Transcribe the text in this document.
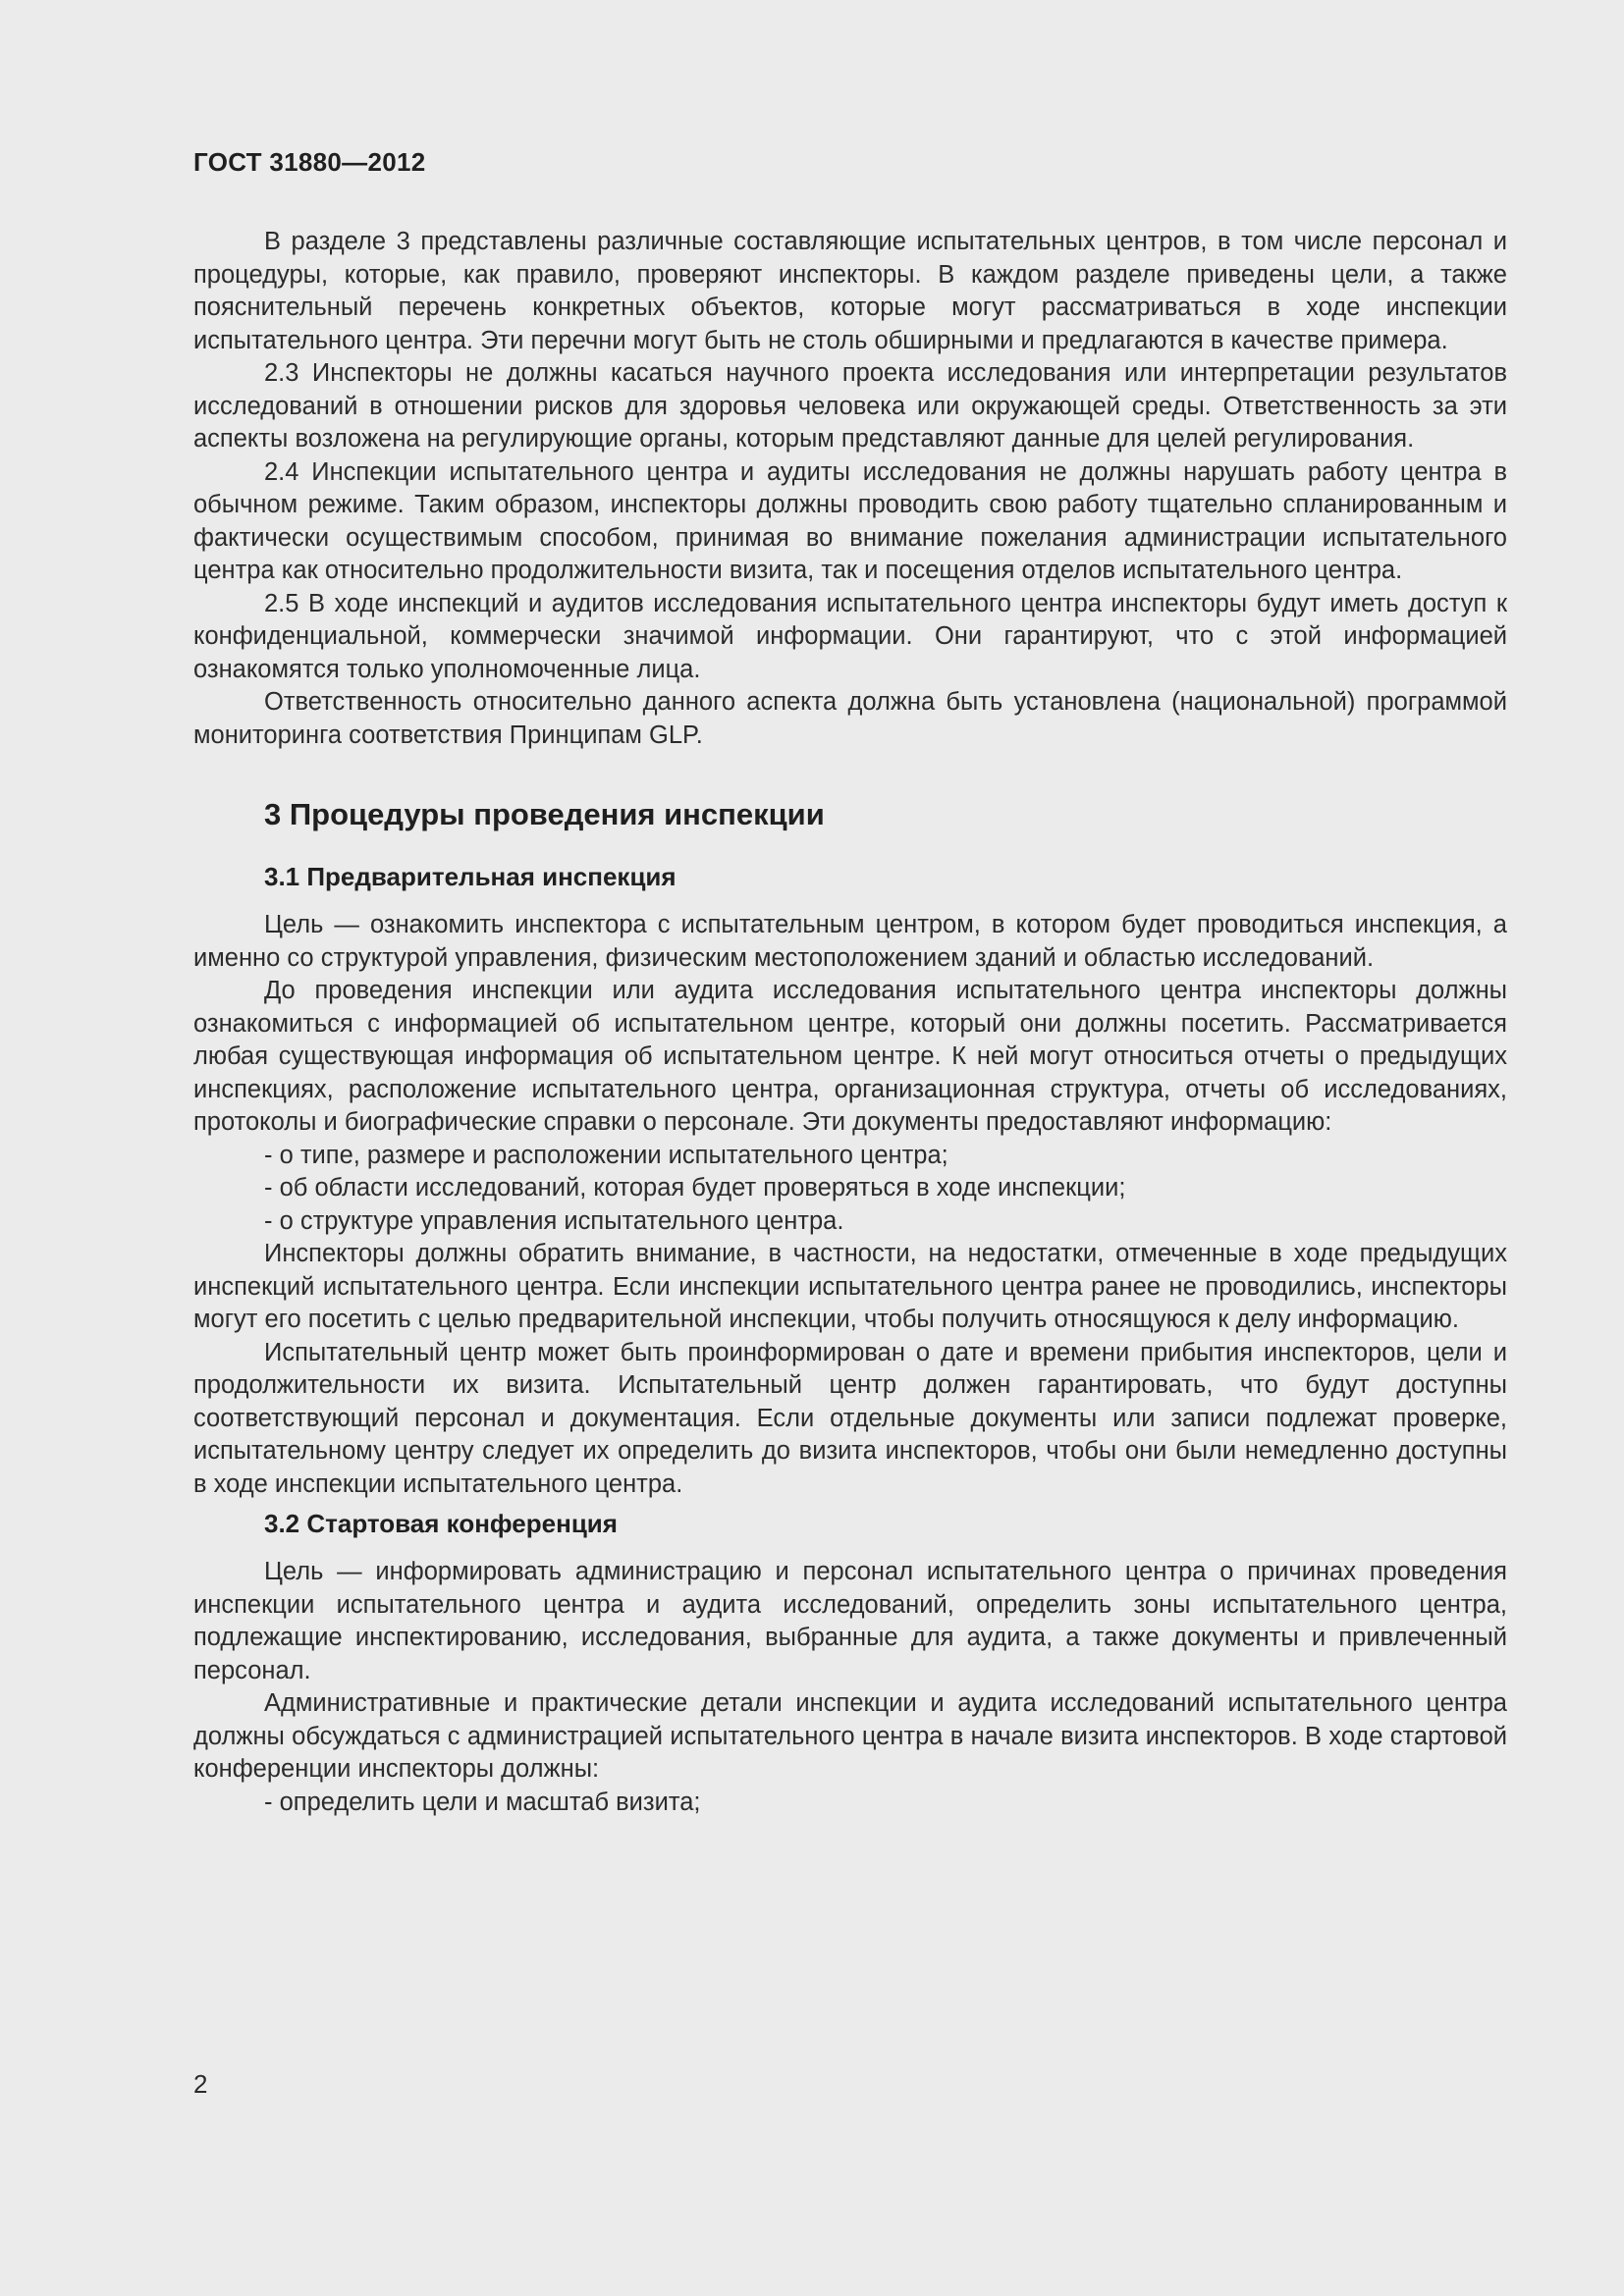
ГОСТ 31880—2012

В разделе 3 представлены различные составляющие испытательных центров, в том числе персонал и процедуры, которые, как правило, проверяют инспекторы. В каждом разделе приведены цели, а также пояснительный перечень конкретных объектов, которые могут рассматриваться в ходе инспекции испытательного центра. Эти перечни могут быть не столь обширными и предлагаются в качестве примера.

2.3 Инспекторы не должны касаться научного проекта исследования или интерпретации результатов исследований в отношении рисков для здоровья человека или окружающей среды. Ответственность за эти аспекты возложена на регулирующие органы, которым представляют данные для целей регулирования.

2.4 Инспекции испытательного центра и аудиты исследования не должны нарушать работу центра в обычном режиме. Таким образом, инспекторы должны проводить свою работу тщательно спланированным и фактически осуществимым способом, принимая во внимание пожелания администрации испытательного центра как относительно продолжительности визита, так и посещения отделов испытательного центра.

2.5 В ходе инспекций и аудитов исследования испытательного центра инспекторы будут иметь доступ к конфиденциальной, коммерчески значимой информации. Они гарантируют, что с этой информацией ознакомятся только уполномоченные лица.

Ответственность относительно данного аспекта должна быть установлена (национальной) программой мониторинга соответствия Принципам GLP.

3 Процедуры проведения инспекции
3.1 Предварительная инспекция

Цель — ознакомить инспектора с испытательным центром, в котором будет проводиться инспекция, а именно со структурой управления, физическим местоположением зданий и областью исследований.

До проведения инспекции или аудита исследования испытательного центра инспекторы должны ознакомиться с информацией об испытательном центре, который они должны посетить. Рассматривается любая существующая информация об испытательном центре. К ней могут относиться отчеты о предыдущих инспекциях, расположение испытательного центра, организационная структура, отчеты об исследованиях, протоколы и биографические справки о персонале. Эти документы предоставляют информацию:

- о типе, размере и расположении испытательного центра;

- об области исследований, которая будет проверяться в ходе инспекции;

- о структуре управления испытательного центра.

Инспекторы должны обратить внимание, в частности, на недостатки, отмеченные в ходе предыдущих инспекций испытательного центра. Если инспекции испытательного центра ранее не проводились, инспекторы могут его посетить с целью предварительной инспекции, чтобы получить относящуюся к делу информацию.

Испытательный центр может быть проинформирован о дате и времени прибытия инспекторов, цели и продолжительности их визита. Испытательный центр должен гарантировать, что будут доступны соответствующий персонал и документация. Если отдельные документы или записи подлежат проверке, испытательному центру следует их определить до визита инспекторов, чтобы они были немедленно доступны в ходе инспекции испытательного центра.

3.2 Стартовая конференция

Цель — информировать администрацию и персонал испытательного центра о причинах проведения инспекции испытательного центра и аудита исследований, определить зоны испытательного центра, подлежащие инспектированию, исследования, выбранные для аудита, а также документы и привлеченный персонал.

Административные и практические детали инспекции и аудита исследований испытательного центра должны обсуждаться с администрацией испытательного центра в начале визита инспекторов. В ходе стартовой конференции инспекторы должны:

- определить цели и масштаб визита;

2
